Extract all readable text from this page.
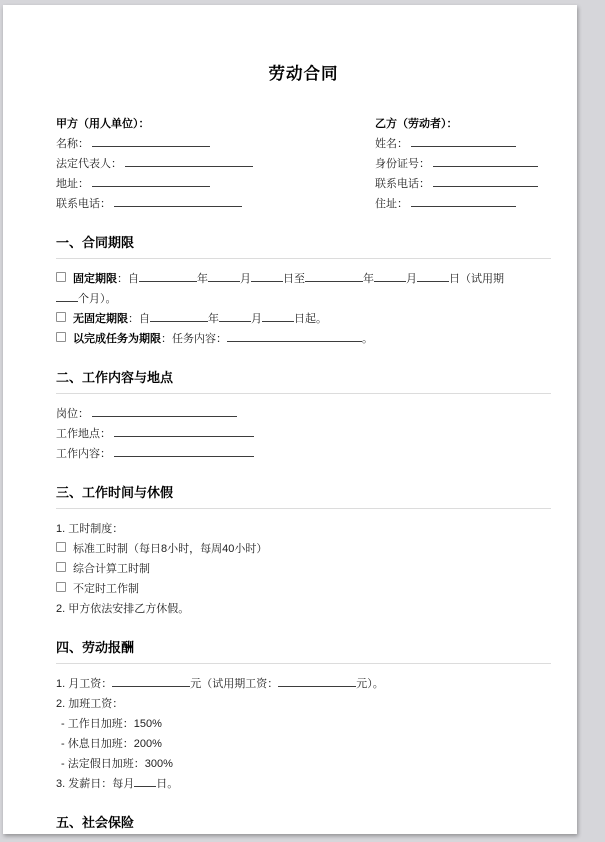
劳动合同
甲方（用人单位）：
名称：
法定代表人：
地址：
联系电话：
乙方（劳动者）：
姓名：
身份证号：
联系电话：
住址：
一、合同期限
固定期限：自	年	月	日至	年	月	日（试用期
个月）。
无固定期限：自	年	月	日起。
以完成任务为期限：任务内容：	。
二、工作内容与地点
岗位：
工作地点：
工作内容：
三、工作时间与休假
1. 工时制度：
标准工时制（每日8小时，每周40小时）
综合计算工时制
不定时工作制
2. 甲方依法安排乙方休假。
四、劳动报酬
1. 月工资：	元（试用期工资：	元）。
2. 加班工资：
- 工作日加班：150%
- 休息日加班：200%
- 法定假日加班：300%
3. 发薪日：每月 日。
五、社会保险
